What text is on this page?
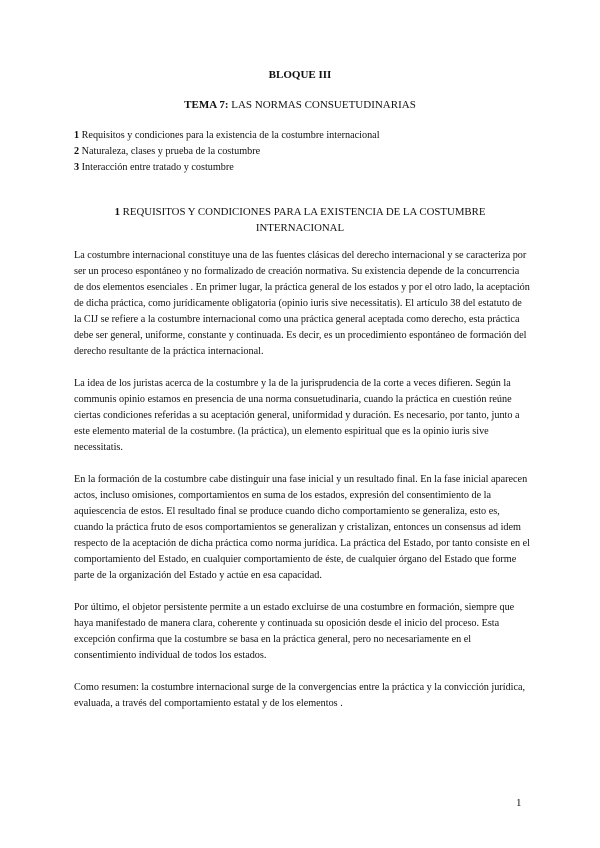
BLOQUE III
TEMA 7: LAS NORMAS CONSUETUDINARIAS
1 Requisitos y condiciones para la existencia de la costumbre internacional
2 Naturaleza, clases y prueba de la costumbre
3 Interacción entre tratado y costumbre
1 REQUISITOS Y CONDICIONES PARA LA EXISTENCIA DE LA COSTUMBRE INTERNACIONAL

La costumbre internacional constituye una de las fuentes clásicas del derecho internacional y se caracteriza por ser un proceso espontáneo y no formalizado de creación normativa. Su existencia depende de la concurrencia de dos elementos esenciales . En primer lugar, la práctica general de los estados y por el otro lado, la aceptación de dicha práctica, como jurídicamente obligatoria (opinio iuris sive necessitatis). El artículo 38 del estatuto de la CIJ se refiere a la costumbre internacional como una práctica general aceptada como derecho, esta práctica debe ser general, uniforme, constante y continuada. Es decir, es un procedimiento espontáneo de formación del derecho resultante de la práctica internacional.

La idea de los juristas acerca de la costumbre y la de la jurisprudencia de la corte a veces difieren. Según la communis opinio estamos en presencia de una norma consuetudinaria, cuando la práctica en cuestión reúne ciertas condiciones referidas a su aceptación general, uniformidad y duración. Es necesario, por tanto, junto a este elemento material de la costumbre. (la práctica), un elemento espiritual que es la opinio iuris sive necessitatis.

En la formación de la costumbre cabe distinguir una fase inicial y un resultado final. En la fase inicial aparecen actos, incluso omisiones, comportamientos en suma de los estados, expresión del consentimiento de la aquiescencia de estos. El resultado final se produce cuando dicho comportamiento se generaliza, esto es, cuando la práctica fruto de esos comportamientos se generalizan y cristalizan, entonces un consensus ad idem respecto de la aceptación de dicha práctica como norma jurídica. La práctica del Estado, por tanto consiste en el comportamiento del Estado, en cualquier comportamiento de éste, de cualquier órgano del Estado que forme parte de la organización del Estado y actúe en esa capacidad.

Por último, el objetor persistente permite a un estado excluirse de una costumbre en formación, siempre que haya manifestado de manera clara, coherente y continuada su oposición desde el inicio del proceso. Esta excepción confirma que la costumbre se basa en la práctica general, pero no necesariamente en el consentimiento individual de todos los estados.

Como resumen: la costumbre internacional surge de la convergencias entre la práctica y la convicción jurídica, evaluada, a través del comportamiento estatal y de los elementos .

1
